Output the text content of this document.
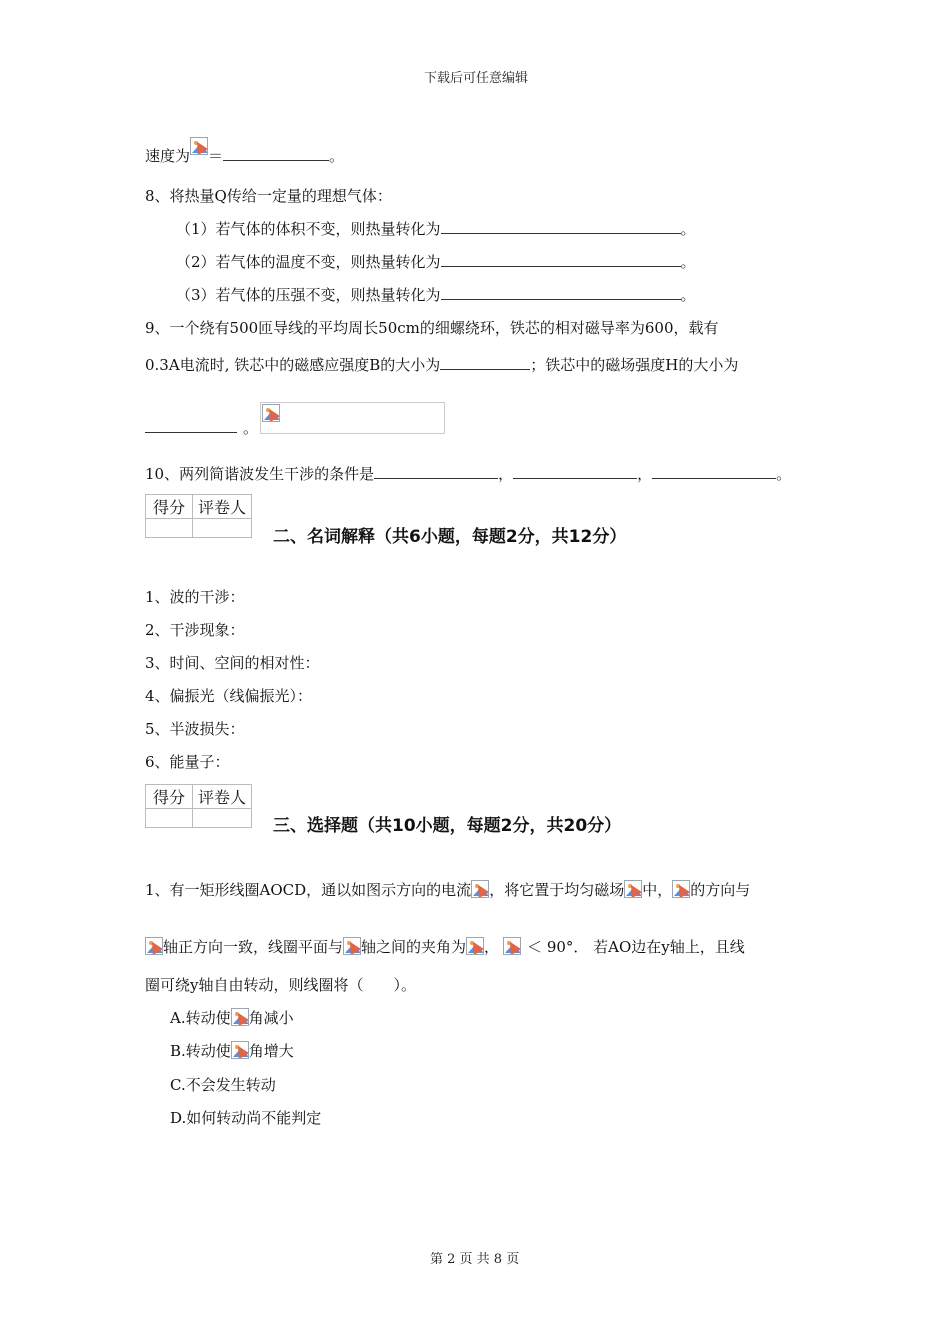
下载后可任意编辑
速度为 ＝	。
8、将热量Q传给一定量的理想气体：
（1）若气体的体积不变，则热量转化为	。
（2）若气体的温度不变，则热量转化为	。
（3）若气体的压强不变，则热量转化为	。
9、一个绕有500匝导线的平均周长50cm的细螺绕环，铁芯的相对磁导率为600，载有
0.3A电流时, 铁芯中的磁感应强度B的大小为	；铁芯中的磁场强度H的大小为
。
10、两列简谐波发生干涉的条件是	，	，	。
得分	评卷人

二、名词解释（共6小题，每题2分，共12分）
1、波的干涉：
2、干涉现象：
3、时间、空间的相对性：
4、偏振光（线偏振光）：
5、半波损失：
6、能量子：
得分	评卷人

三、选择题（共10小题，每题2分，共20分）
1、有一矩形线圈AOCD，通以如图示方向的电流 ，将它置于均匀磁场 中， 的方向与
轴正方向一致，线圈平面与 轴之间的夹角为 ， ＜ 90°． 若AO边在y轴上，且线
圈可绕y轴自由转动，则线圈将（　　）。
A.转动使 角减小
B.转动使 角增大
C.不会发生转动
D.如何转动尚不能判定
第 2 页 共 8 页
